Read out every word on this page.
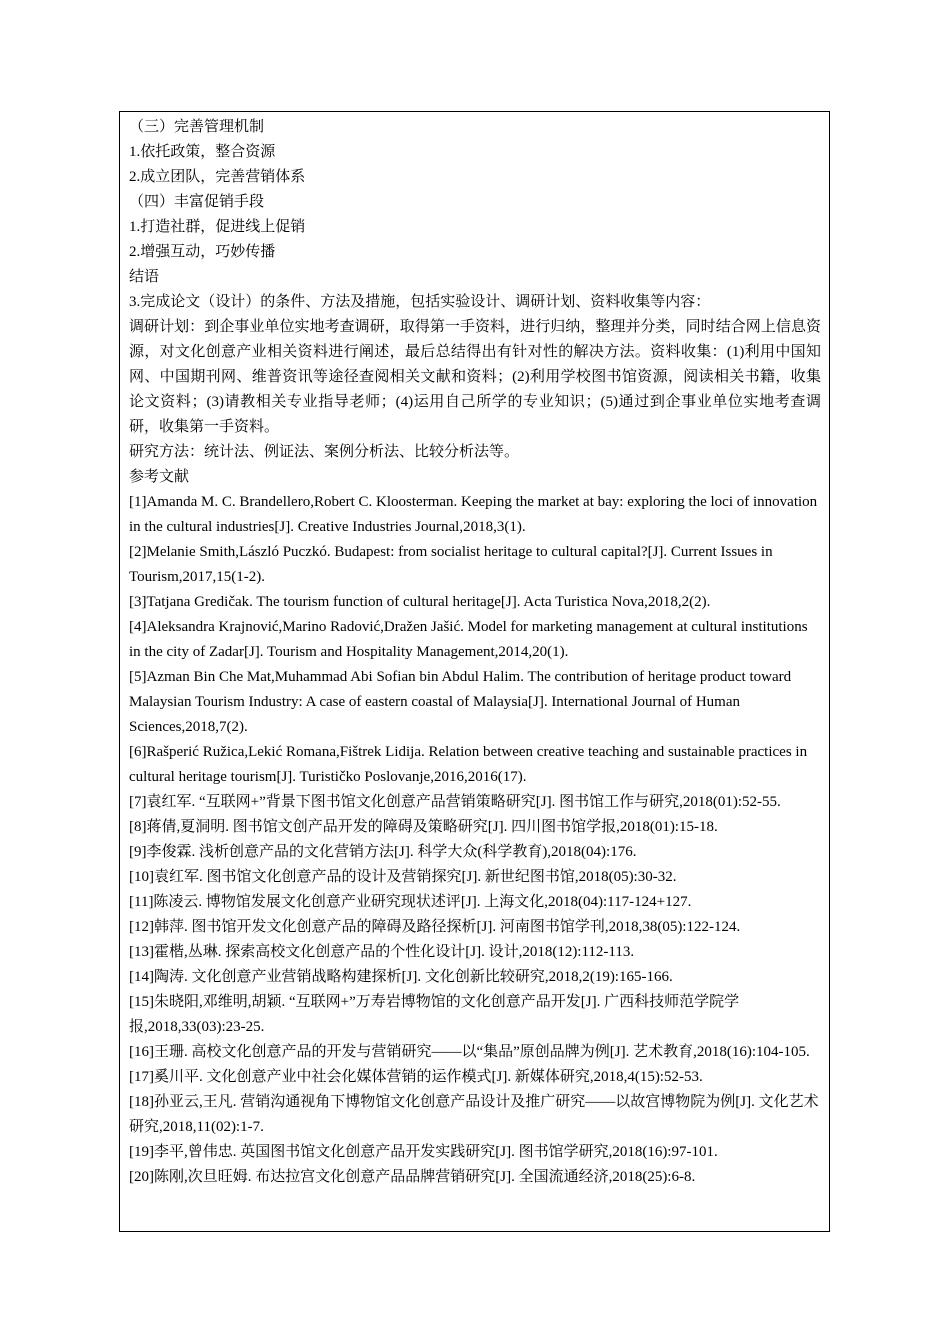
（三）完善管理机制

1.依托政策，整合资源

2.成立团队，完善营销体系

（四）丰富促销手段

1.打造社群，促进线上促销

2.增强互动，巧妙传播

结语

3.完成论文（设计）的条件、方法及措施，包括实验设计、调研计划、资料收集等内容：

调研计划：到企事业单位实地考查调研，取得第一手资料，进行归纳，整理并分类，同时结合网上信息资源，对文化创意产业相关资料进行阐述，最后总结得出有针对性的解决方法。资料收集：(1)利用中国知网、中国期刊网、维普资讯等途径查阅相关文献和资料；(2)利用学校图书馆资源，阅读相关书籍，收集论文资料；(3)请教相关专业指导老师；(4)运用自己所学的专业知识；(5)通过到企事业单位实地考查调研，收集第一手资料。

研究方法：统计法、例证法、案例分析法、比较分析法等。

参考文献

[1]Amanda M. C. Brandellero,Robert C. Kloosterman. Keeping the market at bay: exploring the loci of innovation in the cultural industries[J]. Creative Industries Journal,2018,3(1).

[2]Melanie Smith,László Puczkó. Budapest: from socialist heritage to cultural capital?[J]. Current Issues in Tourism,2017,15(1-2).

[3]Tatjana Gredičak. The tourism function of cultural heritage[J]. Acta Turistica Nova,2018,2(2).

[4]Aleksandra Krajnović,Marino Radović,Dražen Jašić. Model for marketing management at cultural institutions in the city of Zadar[J]. Tourism and Hospitality Management,2014,20(1).

[5]Azman Bin Che Mat,Muhammad Abi Sofian bin Abdul Halim. The contribution of heritage product toward Malaysian Tourism Industry: A case of eastern coastal of Malaysia[J]. International Journal of Human Sciences,2018,7(2).

[6]Rašperić Ružica,Lekić Romana,Fištrek Lidija. Relation between creative teaching and sustainable practices in cultural heritage tourism[J]. Turističko Poslovanje,2016,2016(17).

[7]袁红军. “互联网+”背景下图书馆文化创意产品营销策略研究[J]. 图书馆工作与研究,2018(01):52-55.

[8]蒋倩,夏洞明. 图书馆文创产品开发的障碍及策略研究[J]. 四川图书馆学报,2018(01):15-18.

[9]李俊霖. 浅析创意产品的文化营销方法[J]. 科学大众(科学教育),2018(04):176.

[10]袁红军. 图书馆文化创意产品的设计及营销探究[J]. 新世纪图书馆,2018(05):30-32.

[11]陈凌云. 博物馆发展文化创意产业研究现状述评[J]. 上海文化,2018(04):117-124+127.

[12]韩萍. 图书馆开发文化创意产品的障碍及路径探析[J]. 河南图书馆学刊,2018,38(05):122-124.

[13]霍楷,丛琳. 探索高校文化创意产品的个性化设计[J]. 设计,2018(12):112-113.

[14]陶涛. 文化创意产业营销战略构建探析[J]. 文化创新比较研究,2018,2(19):165-166.

[15]朱晓阳,邓维明,胡颖. “互联网+”万寿岩博物馆的文化创意产品开发[J]. 广西科技师范学院学报,2018,33(03):23-25.

[16]王珊. 高校文化创意产品的开发与营销研究——以“集品”原创品牌为例[J]. 艺术教育,2018(16):104-105.

[17]奚川平. 文化创意产业中社会化媒体营销的运作模式[J]. 新媒体研究,2018,4(15):52-53.

[18]孙亚云,王凡. 营销沟通视角下博物馆文化创意产品设计及推广研究——以故宫博物院为例[J]. 文化艺术研究,2018,11(02):1-7.

[19]李平,曾伟忠. 英国图书馆文化创意产品开发实践研究[J]. 图书馆学研究,2018(16):97-101.

[20]陈刚,次旦旺姆. 布达拉宫文化创意产品品牌营销研究[J]. 全国流通经济,2018(25):6-8.
